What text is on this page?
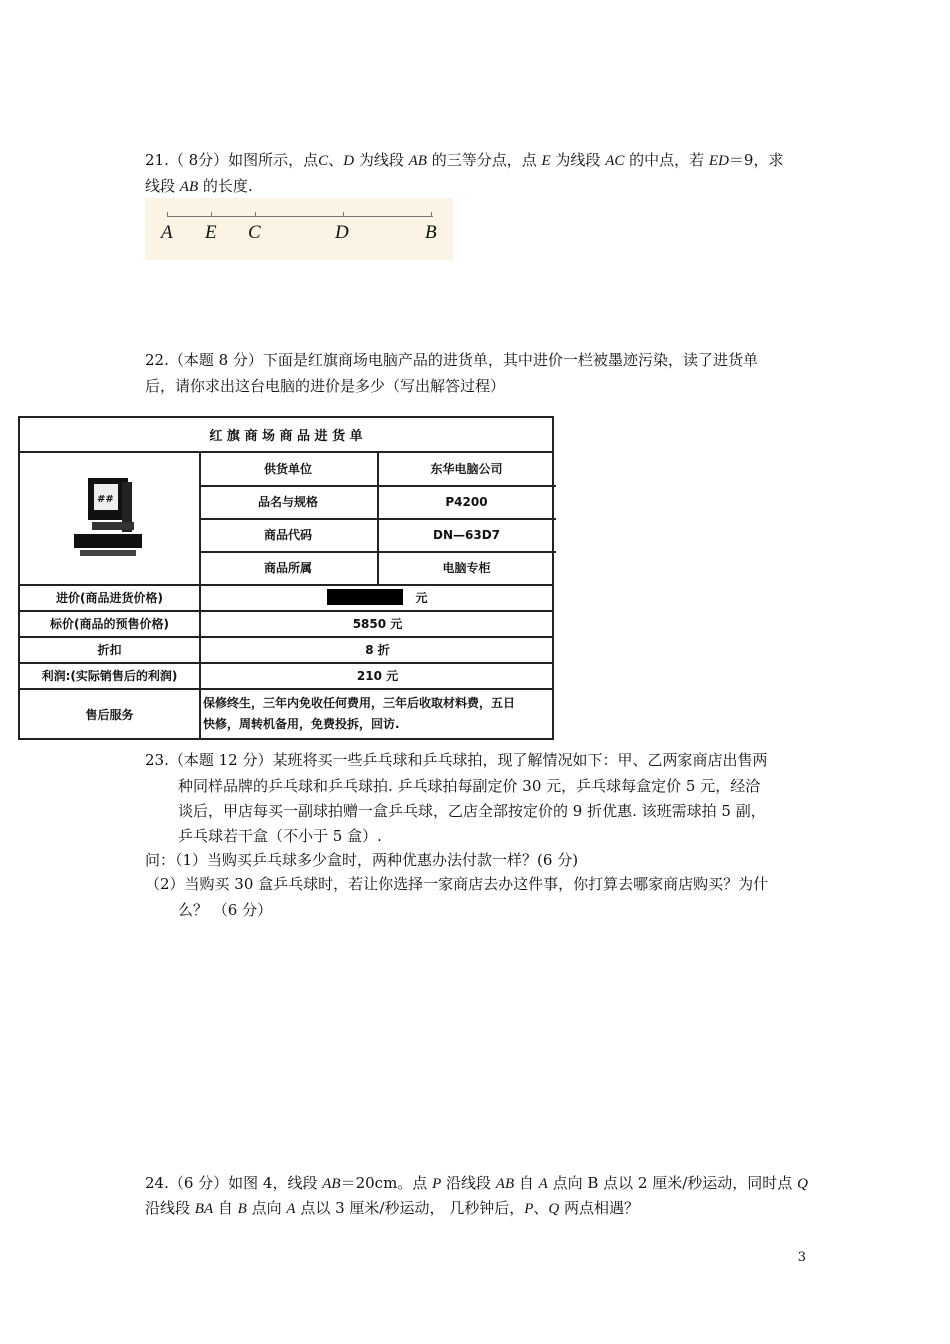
21.（ 8分）如图所示，点C、D 为线段 AB 的三等分点，点 E 为线段 AC 的中点，若 ED＝9，求

线段 AB 的长度.

A E C	D	B

22.（本题 8 分）下面是红旗商场电脑产品的进货单，其中进价一栏被墨迹污染，读了进货单

后，请你求出这台电脑的进价是多少（写出解答过程）

红 旗 商 场 商 品 进 货 单
##
供货单位	东华电脑公司
品名与规格	P4200
商品代码	DN—63D7
商品所属	电脑专柜
进价(商品进货价格)	元
标价(商品的预售价格)	5850 元
折扣	8 折
利润:(实际销售后的利润)	210 元
售后服务
保修终生，三年内免收任何费用，三年后收取材料费，五日
快修，周转机备用，免费投拆，回访.

23.（本题 12 分）某班将买一些乒乓球和乒乓球拍，现了解情况如下：甲、乙两家商店出售两

种同样品牌的乒乓球和乒乓球拍. 乒乓球拍每副定价 30 元，乒乓球每盒定价 5 元，经洽

谈后，甲店每买一副球拍赠一盒乒乓球，乙店全部按定价的 9 折优惠. 该班需球拍 5 副，

乒乓球若干盒（不小于 5 盒）.

问：（1）当购买乒乓球多少盒时，两种优惠办法付款一样？(6 分)

（2）当购买 30 盒乒乓球时，若让你选择一家商店去办这件事，你打算去哪家商店购买？为什

么？ （6 分）

24.（6 分）如图 4，线段 AB＝20cm。点 P 沿线段 AB 自 A 点向 B 点以 2 厘米/秒运动，同时点 Q

沿线段 BA 自 B 点向 A 点以 3 厘米/秒运动， 几秒钟后，P、Q 两点相遇？

3
